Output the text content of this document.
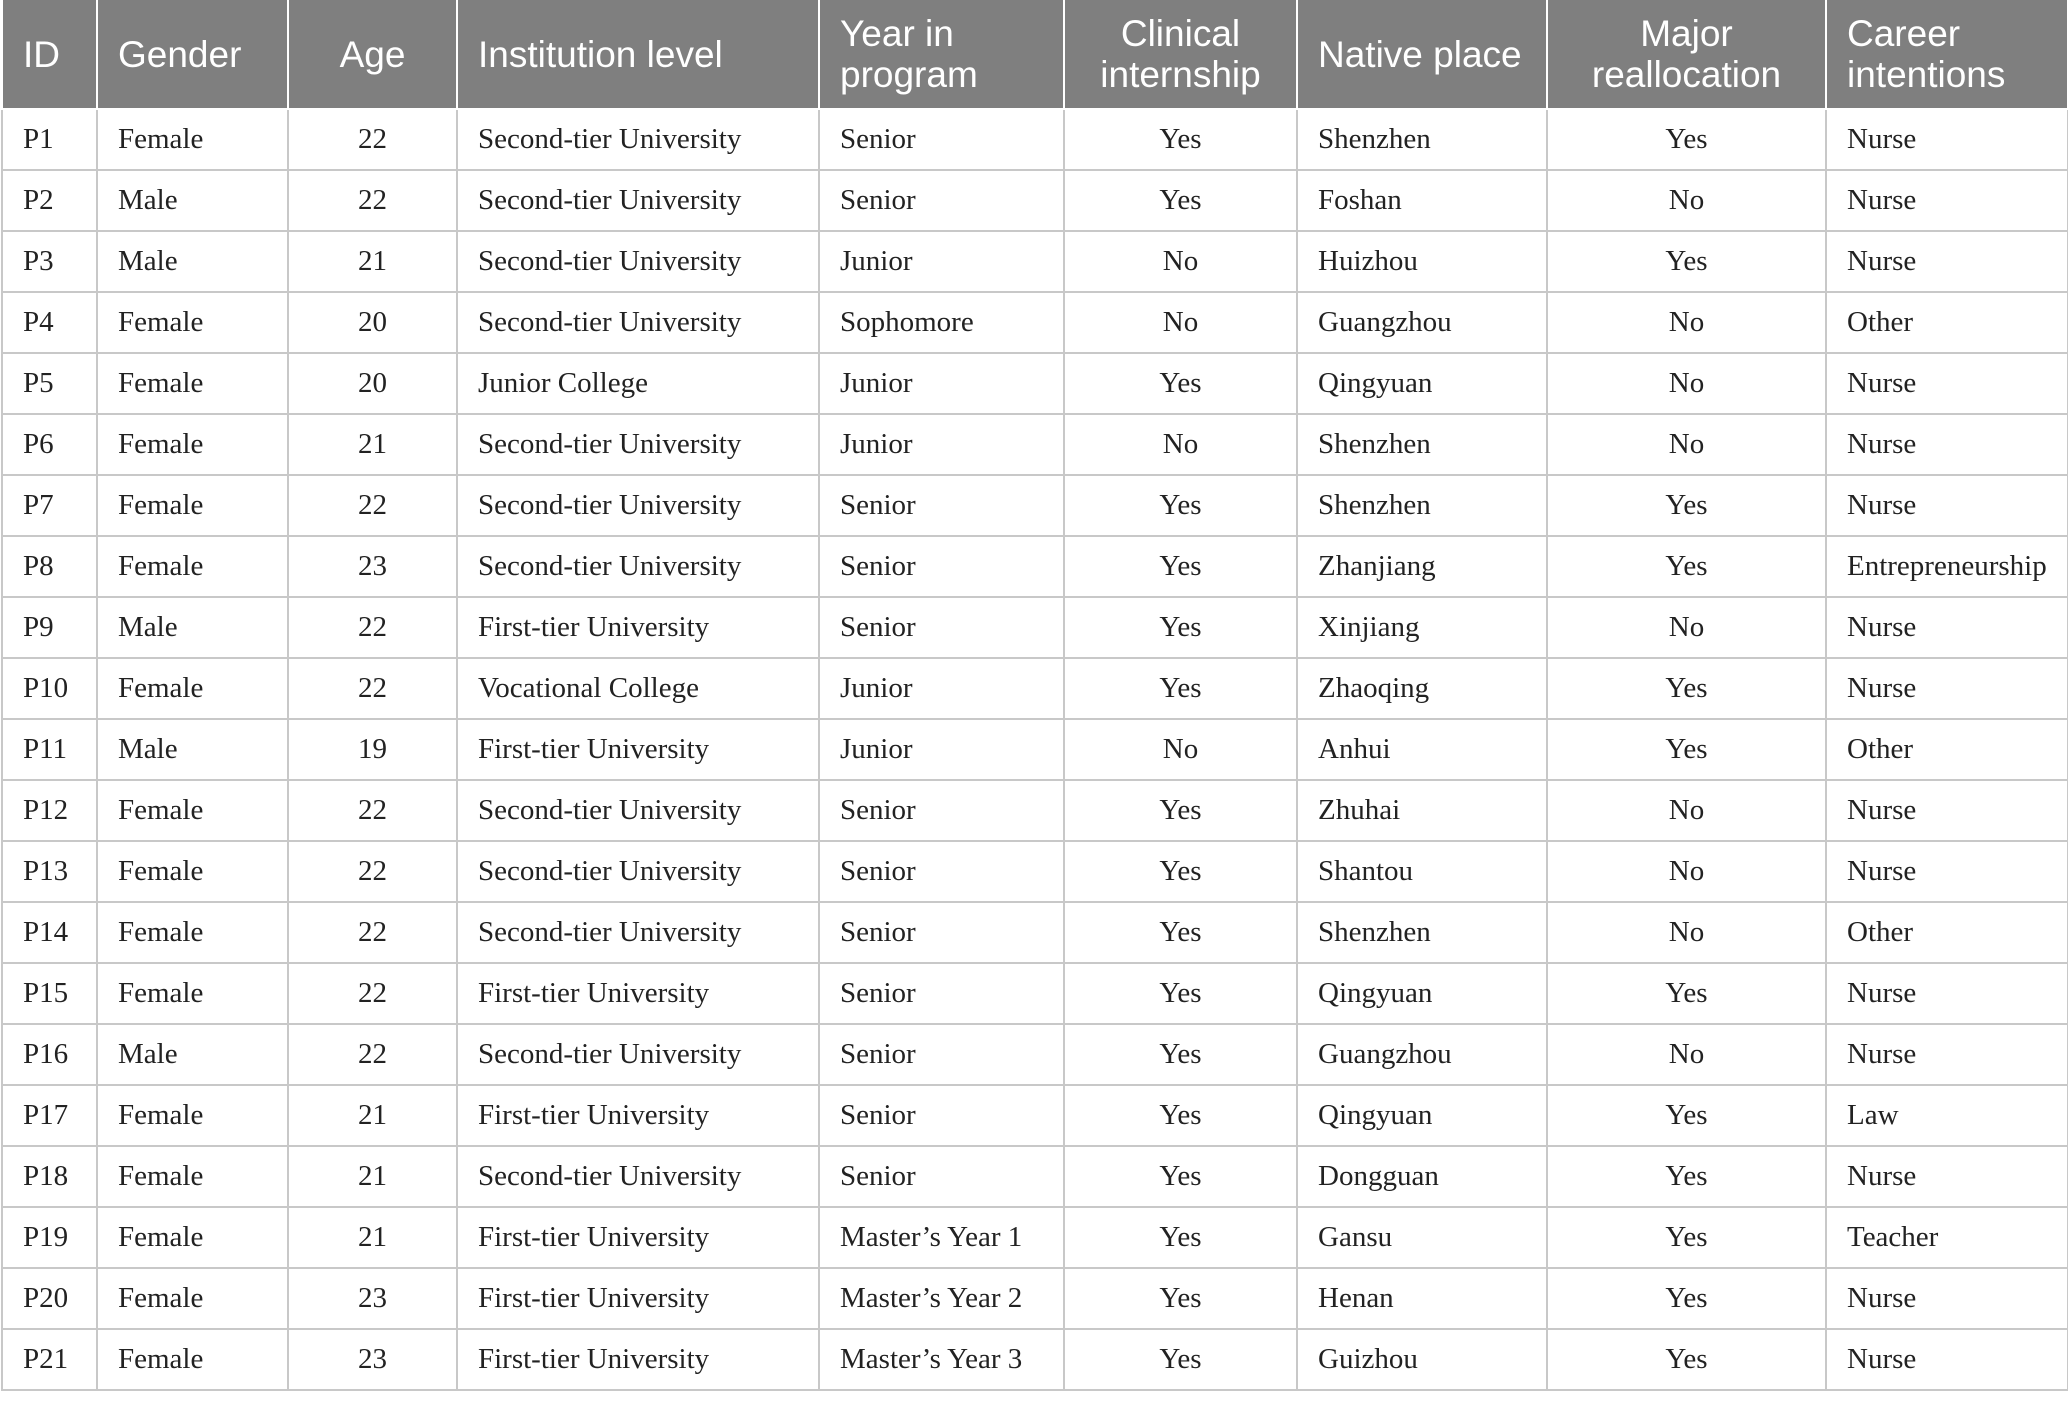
ID	Gender	Age	Institution level	Year in program	Clinical internship	Native place	Major reallocation	Career intentions
P1	Female	22	Second-tier University	Senior	Yes	Shenzhen	Yes	Nurse
P2	Male	22	Second-tier University	Senior	Yes	Foshan	No	Nurse
P3	Male	21	Second-tier University	Junior	No	Huizhou	Yes	Nurse
P4	Female	20	Second-tier University	Sophomore	No	Guangzhou	No	Other
P5	Female	20	Junior College	Junior	Yes	Qingyuan	No	Nurse
P6	Female	21	Second-tier University	Junior	No	Shenzhen	No	Nurse
P7	Female	22	Second-tier University	Senior	Yes	Shenzhen	Yes	Nurse
P8	Female	23	Second-tier University	Senior	Yes	Zhanjiang	Yes	Entrepreneurship
P9	Male	22	First-tier University	Senior	Yes	Xinjiang	No	Nurse
P10	Female	22	Vocational College	Junior	Yes	Zhaoqing	Yes	Nurse
P11	Male	19	First-tier University	Junior	No	Anhui	Yes	Other
P12	Female	22	Second-tier University	Senior	Yes	Zhuhai	No	Nurse
P13	Female	22	Second-tier University	Senior	Yes	Shantou	No	Nurse
P14	Female	22	Second-tier University	Senior	Yes	Shenzhen	No	Other
P15	Female	22	First-tier University	Senior	Yes	Qingyuan	Yes	Nurse
P16	Male	22	Second-tier University	Senior	Yes	Guangzhou	No	Nurse
P17	Female	21	First-tier University	Senior	Yes	Qingyuan	Yes	Law
P18	Female	21	Second-tier University	Senior	Yes	Dongguan	Yes	Nurse
P19	Female	21	First-tier University	Master’s Year 1	Yes	Gansu	Yes	Teacher
P20	Female	23	First-tier University	Master’s Year 2	Yes	Henan	Yes	Nurse
P21	Female	23	First-tier University	Master’s Year 3	Yes	Guizhou	Yes	Nurse
